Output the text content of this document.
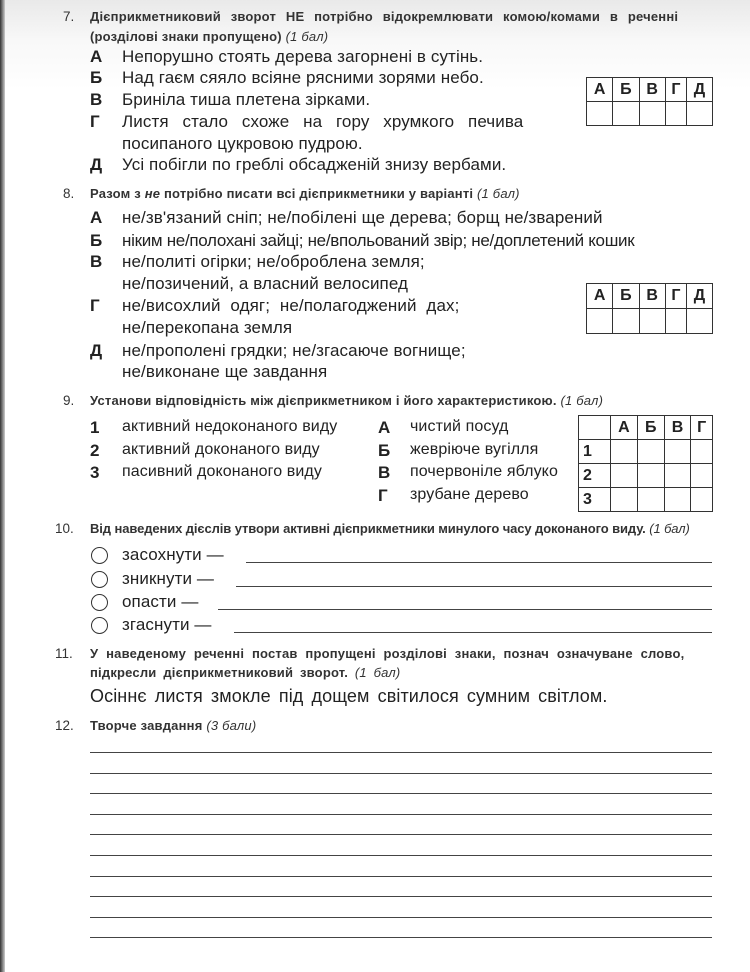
7. Дієприкметниковий зворот НЕ потрібно відокремлювати комою/комами в реченні
(розділові знаки пропущено) (1 бал)
А Непорушно стоять дерева загорнені в сутінь.
Б Над гаєм сяяло всіяне рясними зорями небо.
В Бриніла тиша плетена зірками.
Г Листя стало схоже на гору хрумкого печива
посипаного цукровою пудрою.
Д Усі побігли по греблі обсадженій знизу вербами.
А	Б	В	Г	Д

8. Разом з не потрібно писати всі дієприкметники у варіанті (1 бал)
А не/зв'язаний сніп; не/побілені ще дерева; борщ не/зварений
Б ніким не/полохані зайці; не/впольований звір; не/доплетений кошик
В не/политі огірки; не/оброблена земля;
не/позичений, а власний велосипед
Г не/висохлий одяг; не/полагоджений дах;
не/перекопана земля
Д не/прополені грядки; не/згасаюче вогнище;
не/виконане ще завдання
А	Б	В	Г	Д

9. Установи відповідність між дієприкметником і його характеристикою. (1 бал)
1 активний недоконаного виду
2 активний доконаного виду
3 пасивний доконаного виду
А чистий посуд
Б жевріюче вугілля
В почервоніле яблуко
Г зрубане дерево
	А	Б	В	Г
1				
2				
3				
10. Від наведених дієслів утвори активні дієприкметники минулого часу доконаного виду. (1 бал)
засохнути —
зникнути —
опасти —
згаснути —
11. У наведеному реченні постав пропущені розділові знаки, познач означуване слово,
підкресли дієприкметниковий зворот. (1 бал)
Осіннє листя змокле під дощем світилося сумним світлом.
12. Творче завдання (3 бали)
